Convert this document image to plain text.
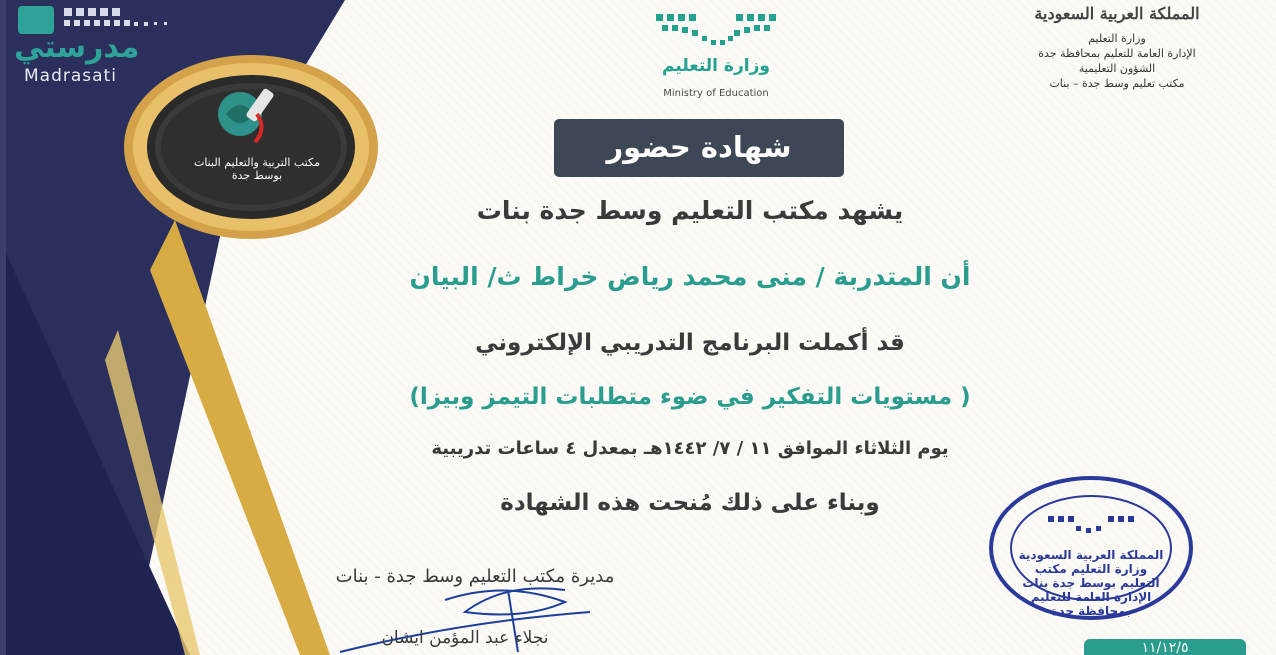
مدرستي
Madrasati
مكتب التربية والتعليم البنات بوسط جدة
وزارة التعليم
Ministry of Education
المملكة العربية السعودية
وزارة التعليم
الإدارة العامة للتعليم بمحافظة جدة
الشؤون التعليمية
مكتب تعليم وسط جدة – بنات
شهادة حضور
يشهد مكتب التعليم وسط جدة بنات
أن المتدربة / منى محمد رياض خراط ث/ البيان
قد أكملت البرنامج التدريبي الإلكتروني
( مستويات التفكير في ضوء متطلبات التيمز وبيزا)
يوم الثلاثاء الموافق ١١ / ٧/ ١٤٤٢هـ بمعدل ٤ ساعات تدريبية
وبناء على ذلك مُنحت هذه الشهادة
مديرة مكتب التعليم وسط جدة - بنات
نجلاء عبد المؤمن ايشان
المملكة العربية السعودية وزارة التعليم مكتب التعليم بوسط جدة بنات الإدارة العامة للتعليم بمحافظة جدة
١١/١٢/٥
